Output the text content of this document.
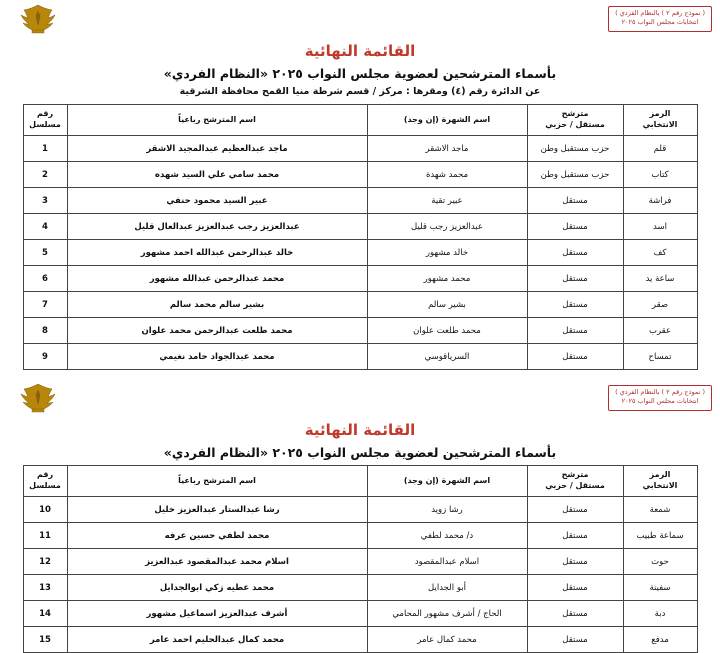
( نموذج رقم ٢ ) بالنظام الفردي )
انتخابات مجلس النواب ٢٠٢٥
القائمة النهائية
بأسماء المترشحين لعضوية مجلس النواب ٢٠٢٥ «النظام الفردي»
عن الدائرة رقم (٤) ومقرها : مركز / قسم شرطة منيا القمح محافظة الشرقية
الرمز
الانتخابي	مترشح
مستقل / حزبي	اسم الشهرة (إن وجد)	اسم المترشح رباعياً	رقم
مسلسل

قلم	حزب مستقبل وطن	ماجد الاشقر	ماجد عبدالعظيم عبدالمجيد الاشقر	1
كتاب	حزب مستقبل وطن	محمد شهدة	محمد سامي علي السيد شهده	2
فراشة	مستقل	عبير تقية	عبير السيد محمود حنفي	3
اسد	مستقل	عبدالعزيز رجب قليل	عبدالعزيز رجب عبدالعزيز عبدالعال قليل	4
كف	مستقل	خالد مشهور	خالد عبدالرحمن عبدالله احمد مشهور	5
ساعة يد	مستقل	محمد مشهور	محمد عبدالرحمن عبدالله مشهور	6
صقر	مستقل	بشير سالم	بشير سالم محمد سالم	7
عقرب	مستقل	محمد طلعت علوان	محمد طلعت عبدالرحمن محمد علوان	8
تمساح	مستقل	السرياقوسي	محمد عبدالجواد حامد نغيمي	9
( نموذج رقم ٢ ) بالنظام الفردي )
انتخابات مجلس النواب ٢٠٢٥
القائمة النهائية
بأسماء المترشحين لعضوية مجلس النواب ٢٠٢٥ «النظام الفردي»
الرمز
الانتخابي	مترشح
مستقل / حزبي	اسم الشهرة (إن وجد)	اسم المترشح رباعياً	رقم
مسلسل

شمعة	مستقل	رشا زويد	رشا عبدالستار عبدالعزيز خليل	10
سماعة طبيب	مستقل	د/ محمد لطفي	محمد لطفي حسين عرفه	11
حوت	مستقل	اسلام عبدالمقصود	اسلام محمد عبدالمقصود عبدالعزيز	12
سفينة	مستقل	أبو الجدايل	محمد عطيه زكي ابوالجدايل	13
دبة	مستقل	الحاج / أشرف مشهور المحامي	أشرف عبدالعزيز اسماعيل مشهور	14
مدفع	مستقل	محمد كمال عامر	محمد كمال عبدالحليم احمد عامر	15
